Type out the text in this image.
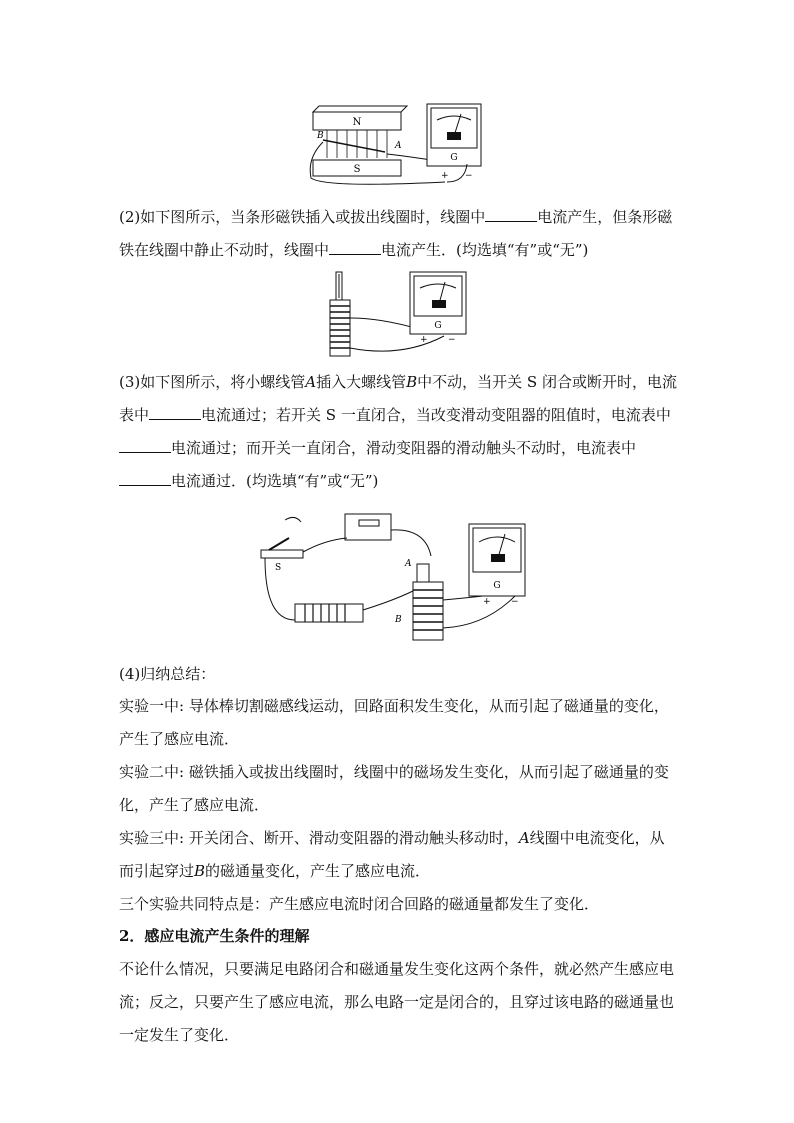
N
S
B
A
G
+ −

(2)如下图所示，当条形磁铁插入或拔出线圈时，线圈中	电流产生，但条形磁铁在线圈中静止不动时，线圈中	电流产生．(均选填“有”或“无”)

G
+ −

(3)如下图所示，将小螺线管A插入大螺线管B中不动，当开关 S 闭合或断开时，电流表中	电流通过；若开关 S 一直闭合，当改变滑动变阻器的阻值时，电流表中电流通过；而开关一直闭合，滑动变阻器的滑动触头不动时，电流表中电流通过．(均选填“有”或“无”)

S	A
B
G
+ −

(4)归纳总结：

实验一中: 导体棒切割磁感线运动，回路面积发生变化，从而引起了磁通量的变化，产生了感应电流．

实验二中: 磁铁插入或拔出线圈时，线圈中的磁场发生变化，从而引起了磁通量的变化，产生了感应电流．

实验三中: 开关闭合、断开、滑动变阻器的滑动触头移动时，A线圈中电流变化，从而引起穿过B的磁通量变化，产生了感应电流．

三个实验共同特点是：产生感应电流时闭合回路的磁通量都发生了变化．

2．感应电流产生条件的理解

不论什么情况，只要满足电路闭合和磁通量发生变化这两个条件，就必然产生感应电流；反之，只要产生了感应电流，那么电路一定是闭合的，且穿过该电路的磁通量也一定发生了变化．
